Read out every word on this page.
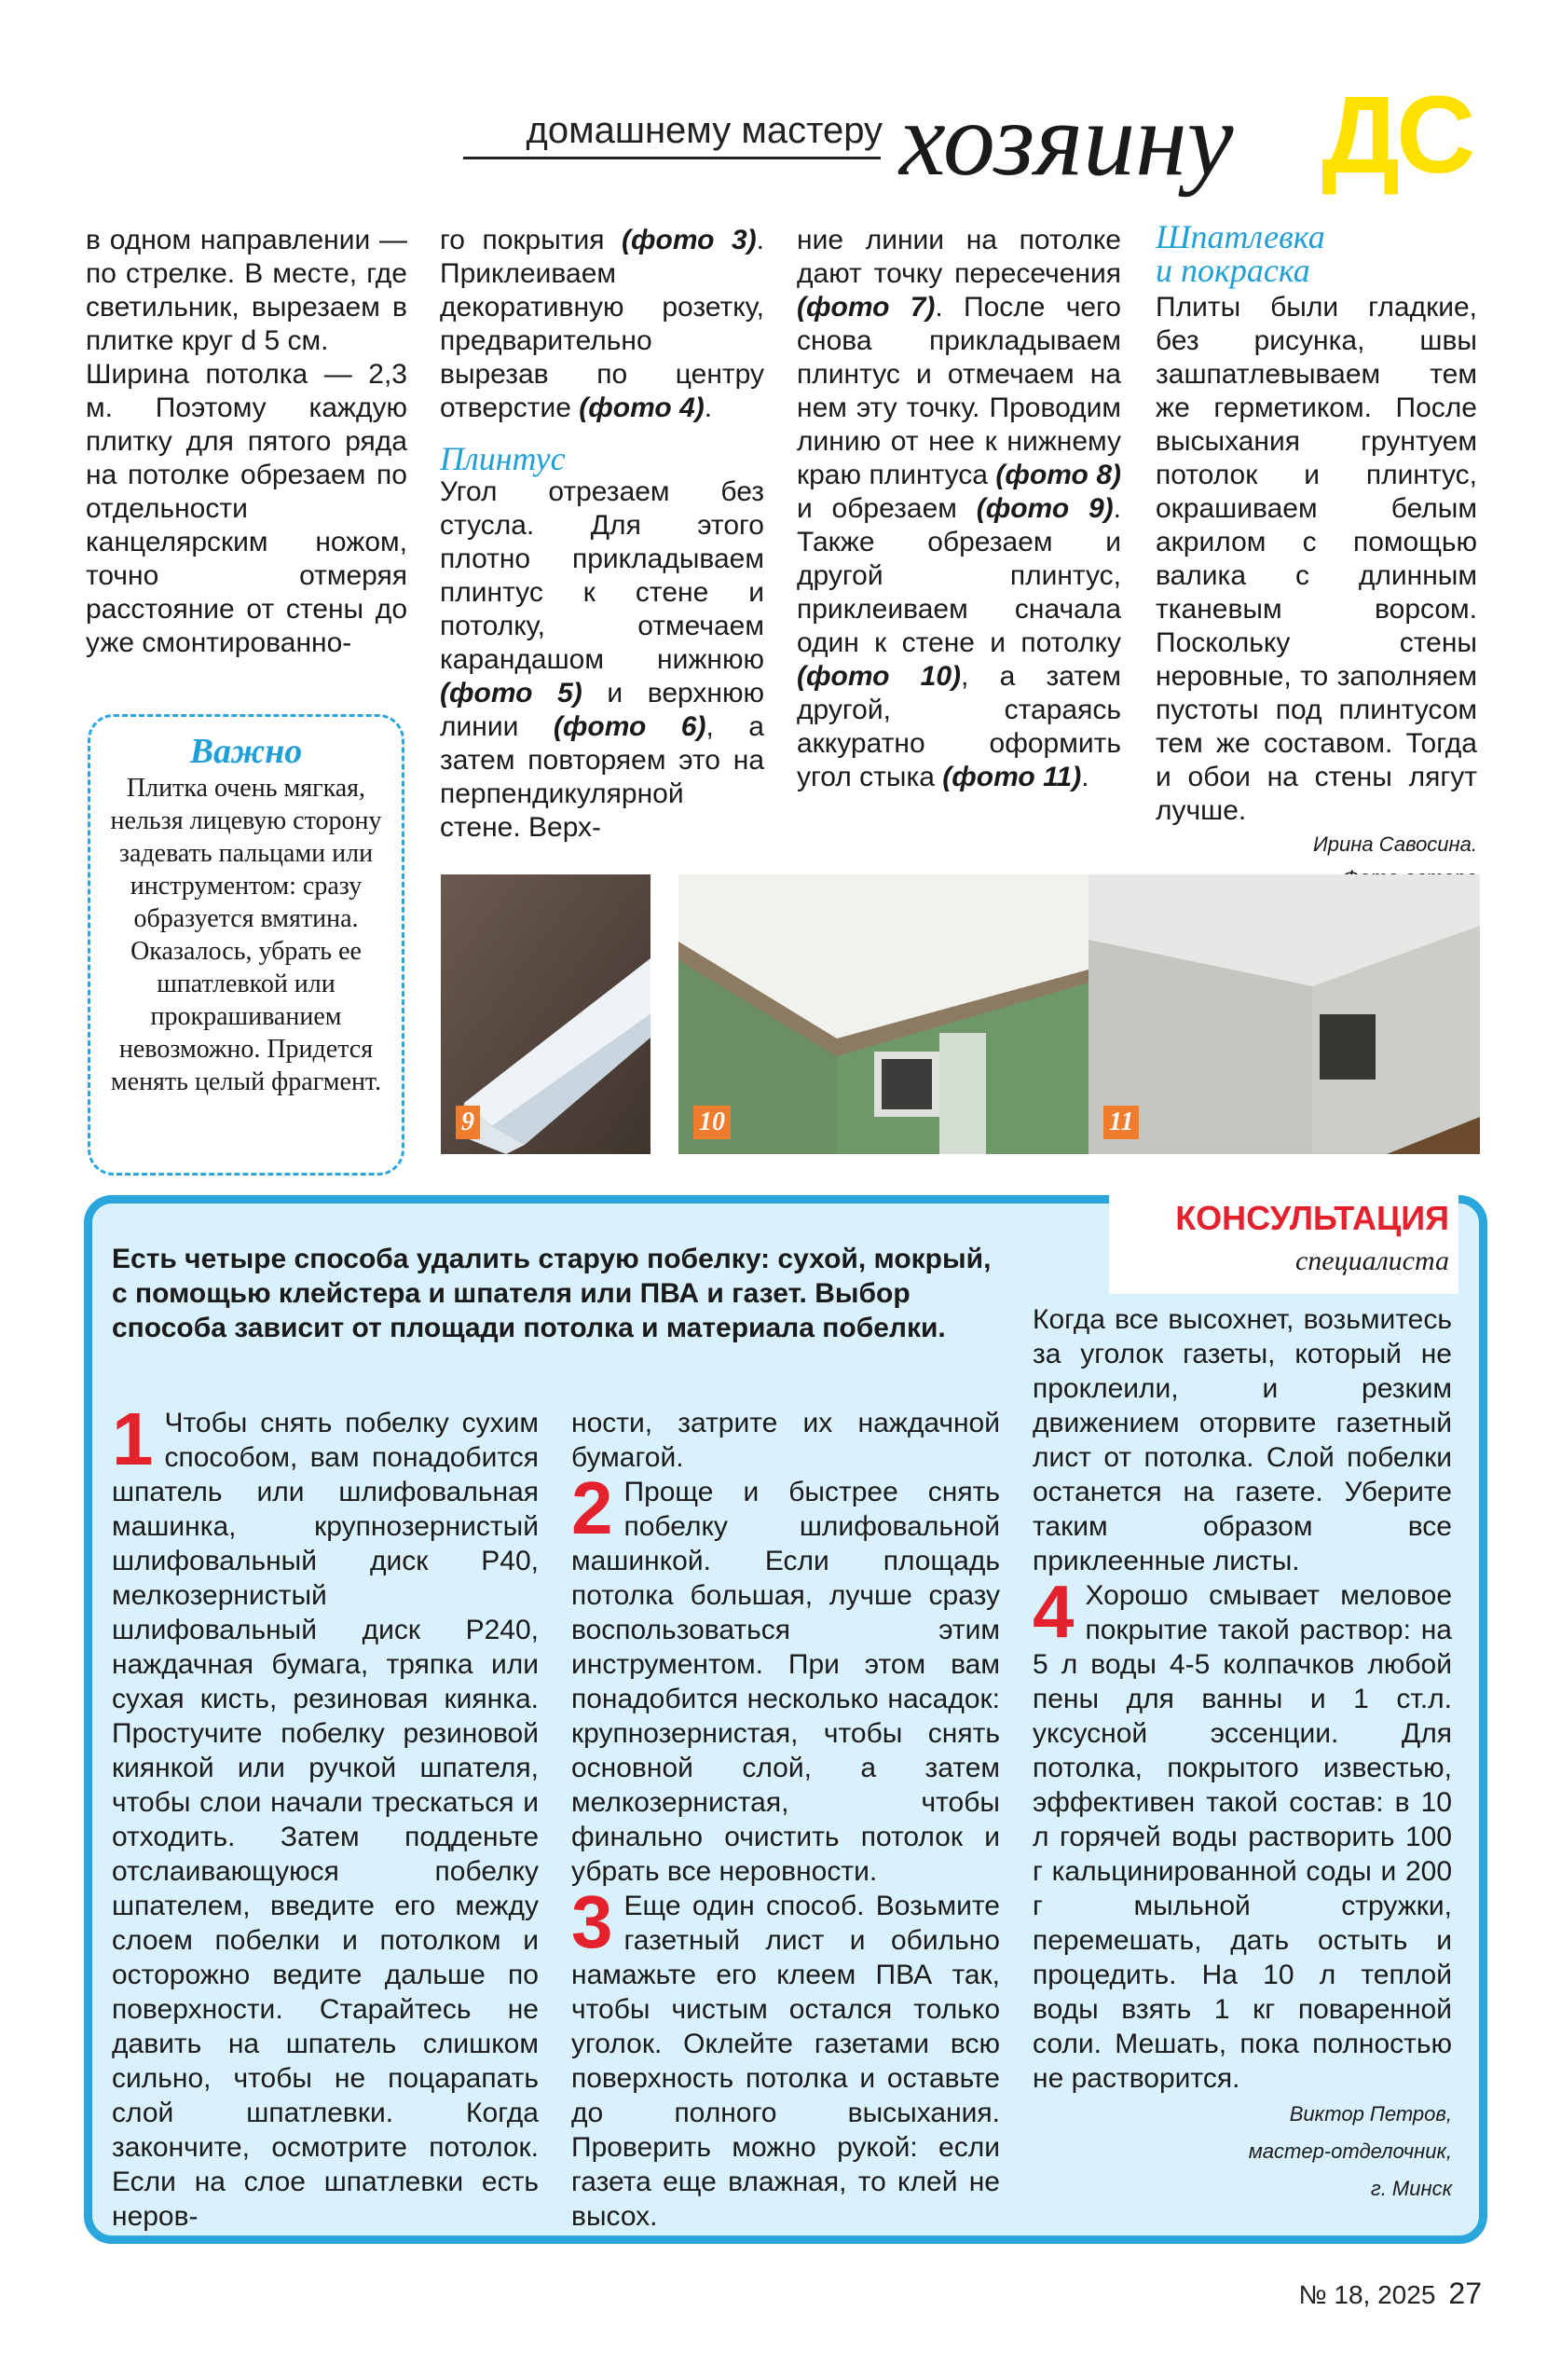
домашнему мастеру хозяину ДС

в одном направлении — по стрелке. В месте, где светильник, вырезаем в плитке круг d 5 см.

Ширина потолка — 2,3 м. Поэтому каждую плитку для пятого ряда на потолке обрезаем по отдельности канцелярским ножом, точно отмеряя расстояние от стены до уже смонтированно-

Важно
Плитка очень мягкая, нельзя лицевую сторону задевать пальцами или инструментом: сразу образуется вмятина. Оказалось, убрать ее шпатлевкой или прокрашиванием невозможно. Придется менять целый фрагмент.

го покрытия (фото 3). Приклеиваем декоративную розетку, предварительно вырезав по центру отверстие (фото 4).

Плинтус

Угол отрезаем без стусла. Для этого плотно прикладываем плинтус к стене и потолку, отмечаем карандашом нижнюю (фото 5) и верхнюю линии (фото 6), а затем повторяем это на перпендикулярной стене. Верх-

ние линии на потолке дают точку пересечения (фото 7). После чего снова прикладываем плинтус и отмечаем на нем эту точку. Проводим линию от нее к нижнему краю плинтуса (фото 8) и обрезаем (фото 9). Также обрезаем и другой плинтус, приклеиваем сначала один к стене и потолку (фото 10), а затем другой, стараясь аккуратно оформить угол стыка (фото 11).

Шпатлевка
и покраска

Плиты были гладкие, без рисунка, швы зашпатлевываем тем же герметиком. После высыхания грунтуем потолок и плинтус, окрашиваем белым акрилом с помощью валика с длинным тканевым ворсом. Поскольку стены неровные, то заполняем пустоты под плинтусом тем же составом. Тогда и обои на стены лягут лучше.

Ирина Савосина.
9	10	11
КОНСУЛЬТАЦИЯ
специалиста
Есть четыре способа удалить старую побелку: сухой, мокрый, с помощью клейстера и шпателя или ПВА и газет. Выбор способа зависит от площади потолка и материала побелки.

1 Чтобы снять побелку сухим способом, вам понадобится шпатель или шлифовальная машинка, крупнозернистый шлифовальный диск Р40, мелкозернистый шлифовальный диск Р240, наждачная бумага, тряпка или сухая кисть, резиновая киянка. Простучите побелку резиновой киянкой или ручкой шпателя, чтобы слои начали трескаться и отходить. Затем подденьте отслаивающуюся побелку шпателем, введите его между слоем побелки и потолком и осторожно ведите дальше по поверхности. Старайтесь не давить на шпатель слишком сильно, чтобы не поцарапать слой шпатлевки. Когда закончите, осмотрите потолок. Если на слое шпатлевки есть неров-

ности, затрите их наждачной бумагой.

2 Проще и быстрее снять побелку шлифовальной машинкой. Если площадь потолка большая, лучше сразу воспользоваться этим инструментом. При этом вам понадобится несколько насадок: крупнозернистая, чтобы снять основной слой, а затем мелкозернистая, чтобы финально очистить потолок и убрать все неровности.

3 Еще один способ. Возьмите газетный лист и обильно намажьте его клеем ПВА так, чтобы чистым осталcя только уголок. Оклейте газетами всю поверхность потолка и оставьте до полного высыхания. Проверить можно рукой: если газета еще влажная, то клей не высох.

Когда все высохнет, возьмитесь за уголок газеты, который не проклеили, и резким движением оторвите газетный лист от потолка. Слой побелки останется на газете. Уберите таким образом все приклеенные листы.

4 Хорошо смывает меловое покрытие такой раствор: на 5 л воды 4-5 колпачков любой пены для ванны и 1 ст.л. уксусной эссенции. Для потолка, покрытого известью, эффективен такой состав: в 10 л горячей воды растворить 100 г кальцинированной соды и 200 г мыльной стружки, перемешать, дать остыть и процедить. На 10 л теплой воды взять 1 кг поваренной соли. Мешать, пока полностью не растворится.

Виктор Петров,
мастер-отделочник,
г. Минск
№ 18, 2025 27
